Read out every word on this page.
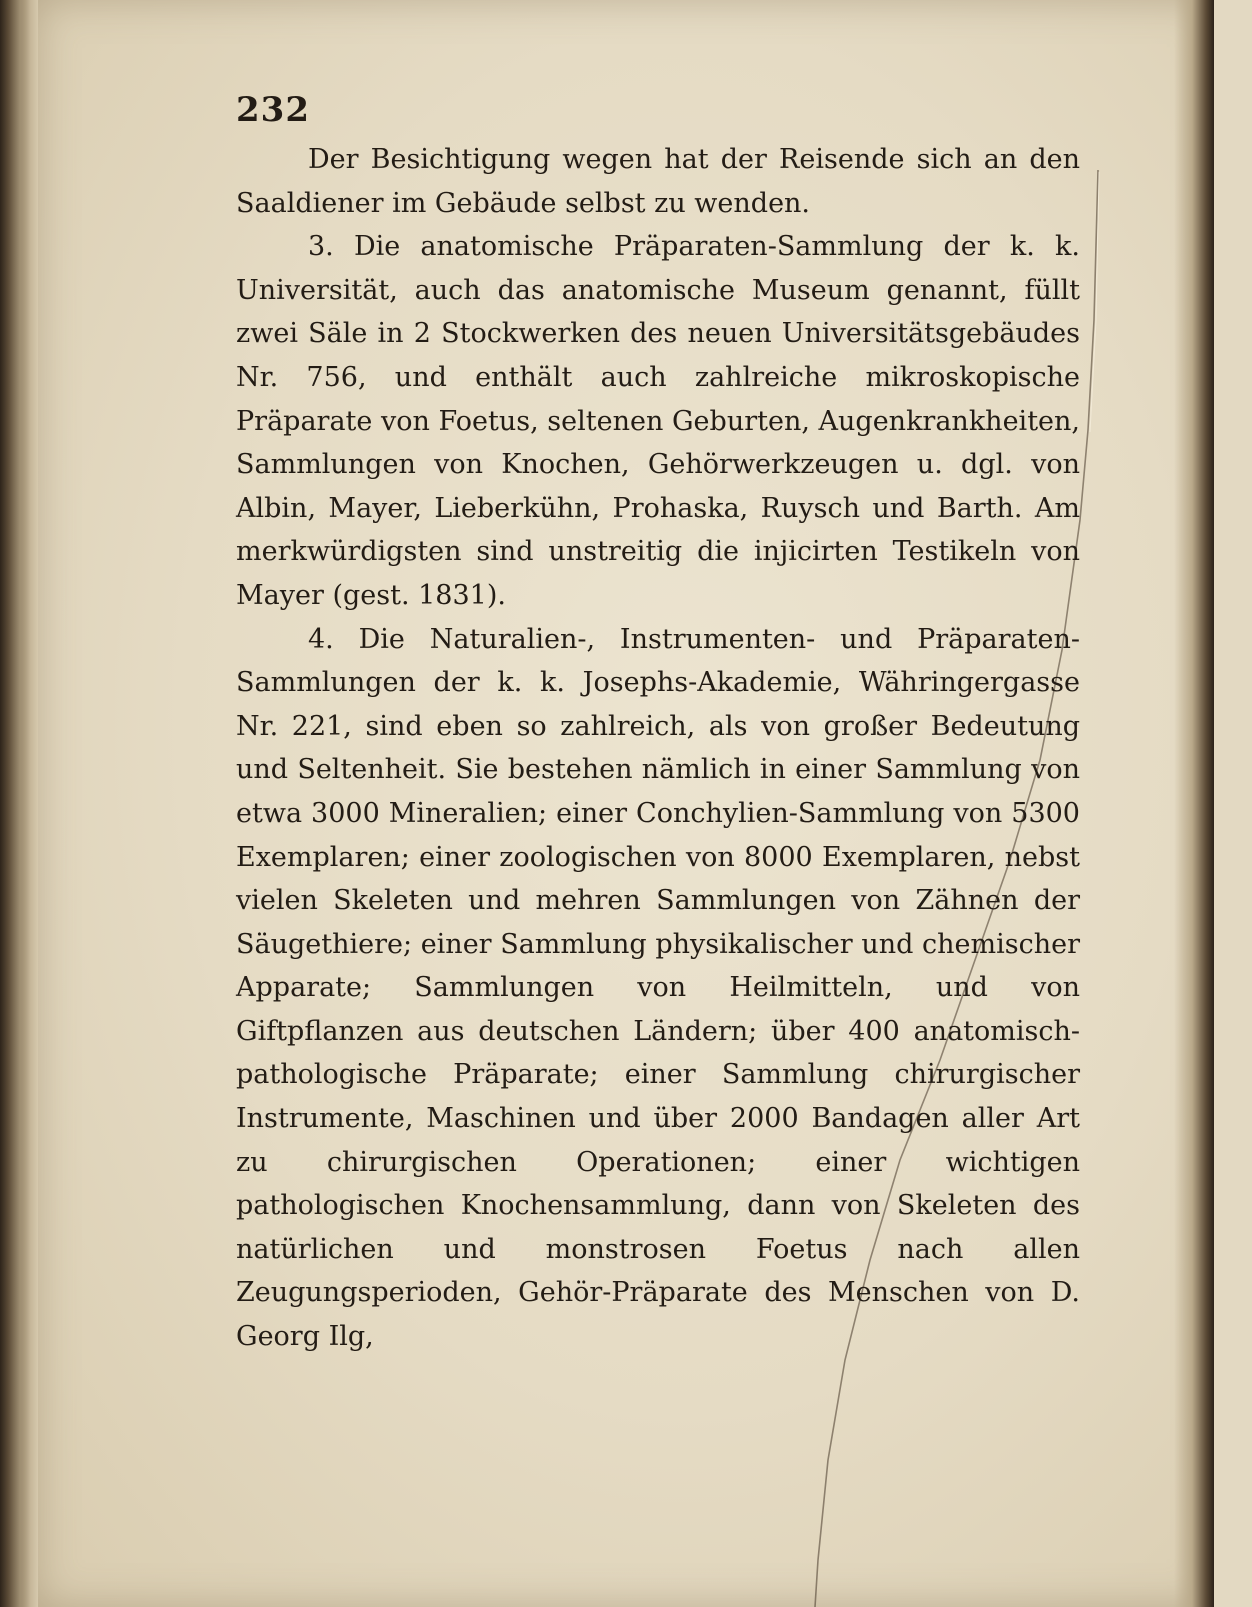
232

Der Besichtigung wegen hat der Reisende sich an den Saaldiener im Gebäude selbst zu wenden.

3. Die anatomische Präparaten-Sammlung der k. k. Universität, auch das anatomische Museum genannt, füllt zwei Säle in 2 Stockwerken des neuen Universitätsgebäudes Nr. 756, und enthält auch zahlreiche mikroskopische Präparate von Foetus, seltenen Geburten, Augenkrankheiten, Sammlungen von Knochen, Gehörwerkzeugen u. dgl. von Albin, Mayer, Lieberkühn, Prohaska, Ruysch und Barth. Am merkwürdigsten sind unstreitig die injicirten Testikeln von Mayer (gest. 1831).

4. Die Naturalien-, Instrumenten- und Präparaten-Sammlungen der k. k. Josephs-Akademie, Währingergasse Nr. 221, sind eben so zahlreich, als von großer Bedeutung und Seltenheit. Sie bestehen nämlich in einer Sammlung von etwa 3000 Mineralien; einer Conchylien-Sammlung von 5300 Exemplaren; einer zoologischen von 8000 Exemplaren, nebst vielen Skeleten und mehren Sammlungen von Zähnen der Säugethiere; einer Sammlung physikalischer und chemischer Apparate; Sammlungen von Heilmitteln, und von Giftpflanzen aus deutschen Ländern; über 400 anatomisch-pathologische Präparate; einer Sammlung chirurgischer Instrumente, Maschinen und über 2000 Bandagen aller Art zu chirurgischen Operationen; einer wichtigen pathologischen Knochensammlung, dann von Skeleten des natürlichen und monstrosen Foetus nach allen Zeugungsperioden, Gehör-Präparate des Menschen von D. Georg Ilg,
